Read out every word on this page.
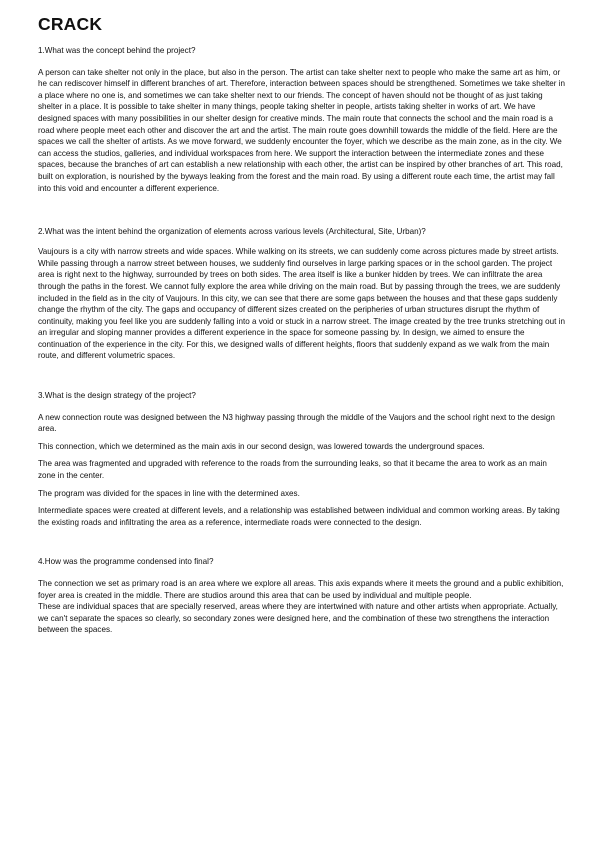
CRACK

1.What was the concept behind the project?

A person can take shelter not only in the place, but also in the person. The artist can take shelter next to people who make the same art as him, or he can rediscover himself in different branches of art. Therefore, interaction between spaces should be strengthened. Sometimes we take shelter in a place where no one is, and sometimes we can take shelter next to our friends. The concept of haven should not be thought of as just taking shelter in a place. It is possible to take shelter in many things, people taking shelter in people, artists taking shelter in works of art. We have designed spaces with many possibilities in our shelter design for creative minds. The main route that connects the school and the main road is a road where people meet each other and discover the art and the artist. The main route goes downhill towards the middle of the field. Here are the spaces we call the shelter of artists. As we move forward, we suddenly encounter the foyer, which we describe as the main zone, as in the city. We can access the studios, galleries, and individual workspaces from here. We support the interaction between the intermediate zones and these spaces, because the branches of art can establish a new relationship with each other, the artist can be inspired by other branches of art. This road, built on exploration, is nourished by the byways leaking from the forest and the main road. By using a different route each time, the artist may fall into this void and encounter a different experience.

2.What was the intent behind the organization of elements across various levels (Architectural, Site, Urban)?

Vaujours is a city with narrow streets and wide spaces. While walking on its streets, we can suddenly come across pictures made by street artists. While passing through a narrow street between houses, we suddenly find ourselves in large parking spaces or in the school garden. The project area is right next to the highway, surrounded by trees on both sides. The area itself is like a bunker hidden by trees. We can infiltrate the area through the paths in the forest. We cannot fully explore the area while driving on the main road. But by passing through the trees, we are suddenly included in the field as in the city of Vaujours. In this city, we can see that there are some gaps between the houses and that these gaps suddenly change the rhythm of the city. The gaps and occupancy of different sizes created on the peripheries of urban structures disrupt the rhythm of continuity, making you feel like you are suddenly falling into a void or stuck in a narrow street. The image created by the tree trunks stretching out in an irregular and sloping manner provides a different experience in the space for someone passing by. In design, we aimed to ensure the continuation of the experience in the city. For this, we designed walls of different heights, floors that suddenly expand as we walk from the main route, and different volumetric spaces.

3.What is the design strategy of the project?

A new connection route was designed between the N3 highway passing through the middle of the Vaujors and the school right next to the design area.

This connection, which we determined as the main axis in our second design, was lowered towards the underground spaces.

The area was fragmented and upgraded with reference to the roads from the surrounding leaks, so that it became the area to work as an main zone in the center.

The program was divided for the spaces in line with the determined axes.

Intermediate spaces were created at different levels, and a relationship was established between individual and common working areas. By taking the existing roads and infiltrating the area as a reference, intermediate roads were connected to the design.

4.How was the programme condensed into final?

The connection we set as primary road is an area where we explore all areas. This axis expands where it meets the ground and a public exhibition, foyer area is created in the middle. There are studios around this area that can be used by individual and multiple people.

These are individual spaces that are specially reserved, areas where they are intertwined with nature and other artists when appropriate. Actually, we can't separate the spaces so clearly, so secondary zones were designed here, and the combination of these two strengthens the interaction between the spaces.
